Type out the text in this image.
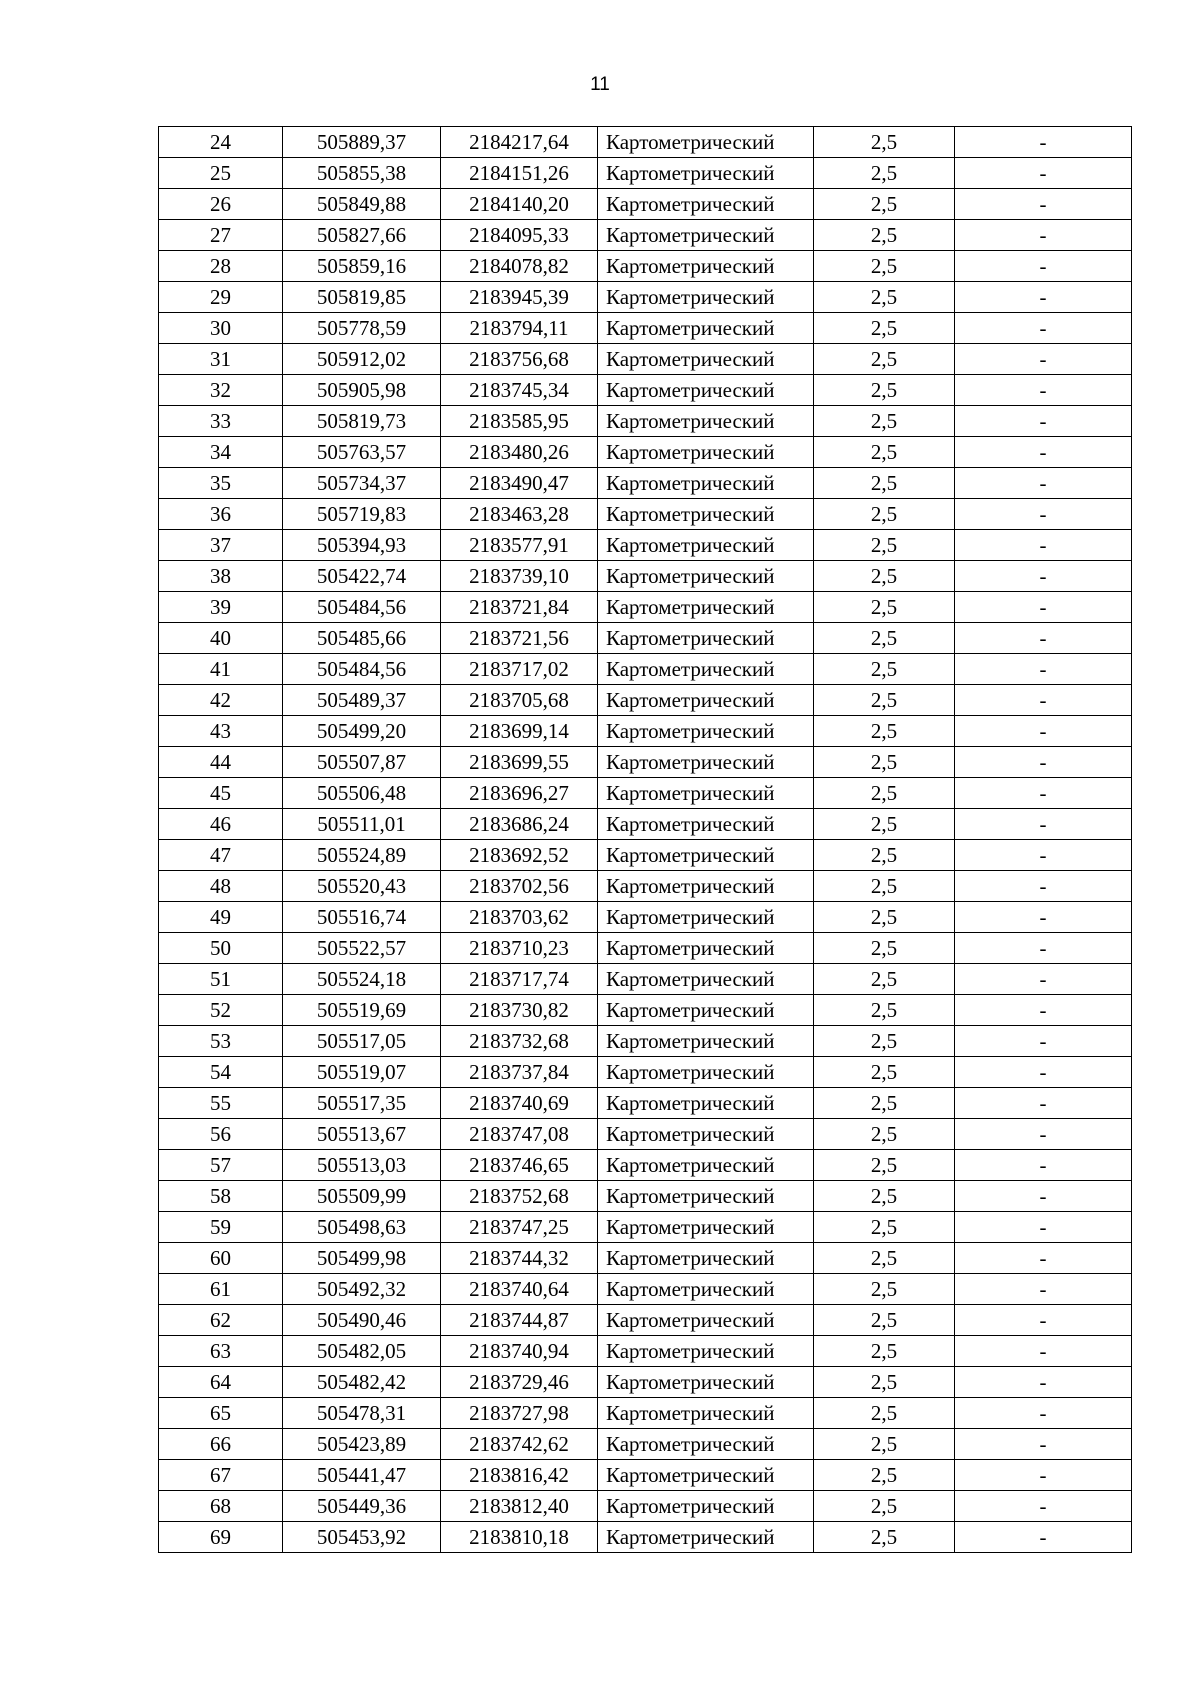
11
24	505889,37	2184217,64	Картометрический	2,5	-
25	505855,38	2184151,26	Картометрический	2,5	-
26	505849,88	2184140,20	Картометрический	2,5	-
27	505827,66	2184095,33	Картометрический	2,5	-
28	505859,16	2184078,82	Картометрический	2,5	-
29	505819,85	2183945,39	Картометрический	2,5	-
30	505778,59	2183794,11	Картометрический	2,5	-
31	505912,02	2183756,68	Картометрический	2,5	-
32	505905,98	2183745,34	Картометрический	2,5	-
33	505819,73	2183585,95	Картометрический	2,5	-
34	505763,57	2183480,26	Картометрический	2,5	-
35	505734,37	2183490,47	Картометрический	2,5	-
36	505719,83	2183463,28	Картометрический	2,5	-
37	505394,93	2183577,91	Картометрический	2,5	-
38	505422,74	2183739,10	Картометрический	2,5	-
39	505484,56	2183721,84	Картометрический	2,5	-
40	505485,66	2183721,56	Картометрический	2,5	-
41	505484,56	2183717,02	Картометрический	2,5	-
42	505489,37	2183705,68	Картометрический	2,5	-
43	505499,20	2183699,14	Картометрический	2,5	-
44	505507,87	2183699,55	Картометрический	2,5	-
45	505506,48	2183696,27	Картометрический	2,5	-
46	505511,01	2183686,24	Картометрический	2,5	-
47	505524,89	2183692,52	Картометрический	2,5	-
48	505520,43	2183702,56	Картометрический	2,5	-
49	505516,74	2183703,62	Картометрический	2,5	-
50	505522,57	2183710,23	Картометрический	2,5	-
51	505524,18	2183717,74	Картометрический	2,5	-
52	505519,69	2183730,82	Картометрический	2,5	-
53	505517,05	2183732,68	Картометрический	2,5	-
54	505519,07	2183737,84	Картометрический	2,5	-
55	505517,35	2183740,69	Картометрический	2,5	-
56	505513,67	2183747,08	Картометрический	2,5	-
57	505513,03	2183746,65	Картометрический	2,5	-
58	505509,99	2183752,68	Картометрический	2,5	-
59	505498,63	2183747,25	Картометрический	2,5	-
60	505499,98	2183744,32	Картометрический	2,5	-
61	505492,32	2183740,64	Картометрический	2,5	-
62	505490,46	2183744,87	Картометрический	2,5	-
63	505482,05	2183740,94	Картометрический	2,5	-
64	505482,42	2183729,46	Картометрический	2,5	-
65	505478,31	2183727,98	Картометрический	2,5	-
66	505423,89	2183742,62	Картометрический	2,5	-
67	505441,47	2183816,42	Картометрический	2,5	-
68	505449,36	2183812,40	Картометрический	2,5	-
69	505453,92	2183810,18	Картометрический	2,5	-
